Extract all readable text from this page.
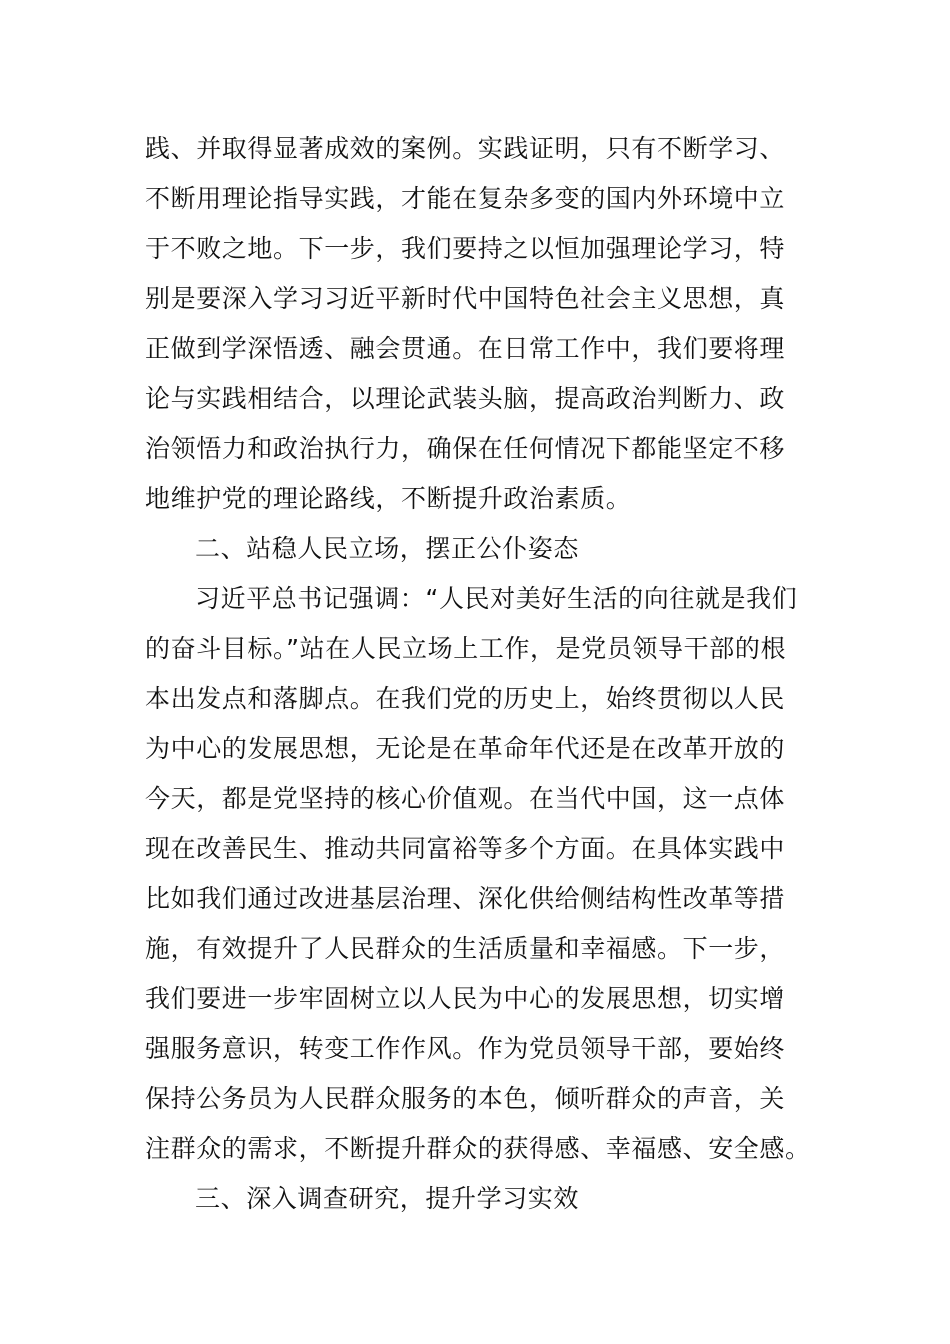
践、并取得显著成效的案例。实践证明，只有不断学习、
不断用理论指导实践，才能在复杂多变的国内外环境中立
于不败之地。下一步，我们要持之以恒加强理论学习，特
别是要深入学习习近平新时代中国特色社会主义思想，真
正做到学深悟透、融会贯通。在日常工作中，我们要将理
论与实践相结合，以理论武装头脑，提高政治判断力、政
治领悟力和政治执行力，确保在任何情况下都能坚定不移
地维护党的理论路线，不断提升政治素质。
二、站稳人民立场，摆正公仆姿态
习近平总书记强调：“人民对美好生活的向往就是我们
的奋斗目标。”站在人民立场上工作，是党员领导干部的根
本出发点和落脚点。在我们党的历史上，始终贯彻以人民
为中心的发展思想，无论是在革命年代还是在改革开放的
今天，都是党坚持的核心价值观。在当代中国，这一点体
现在改善民生、推动共同富裕等多个方面。在具体实践中
比如我们通过改进基层治理、深化供给侧结构性改革等措
施，有效提升了人民群众的生活质量和幸福感。下一步，
我们要进一步牢固树立以人民为中心的发展思想，切实增
强服务意识，转变工作作风。作为党员领导干部，要始终
保持公务员为人民群众服务的本色，倾听群众的声音，关
注群众的需求，不断提升群众的获得感、幸福感、安全感。
三、深入调查研究，提升学习实效
